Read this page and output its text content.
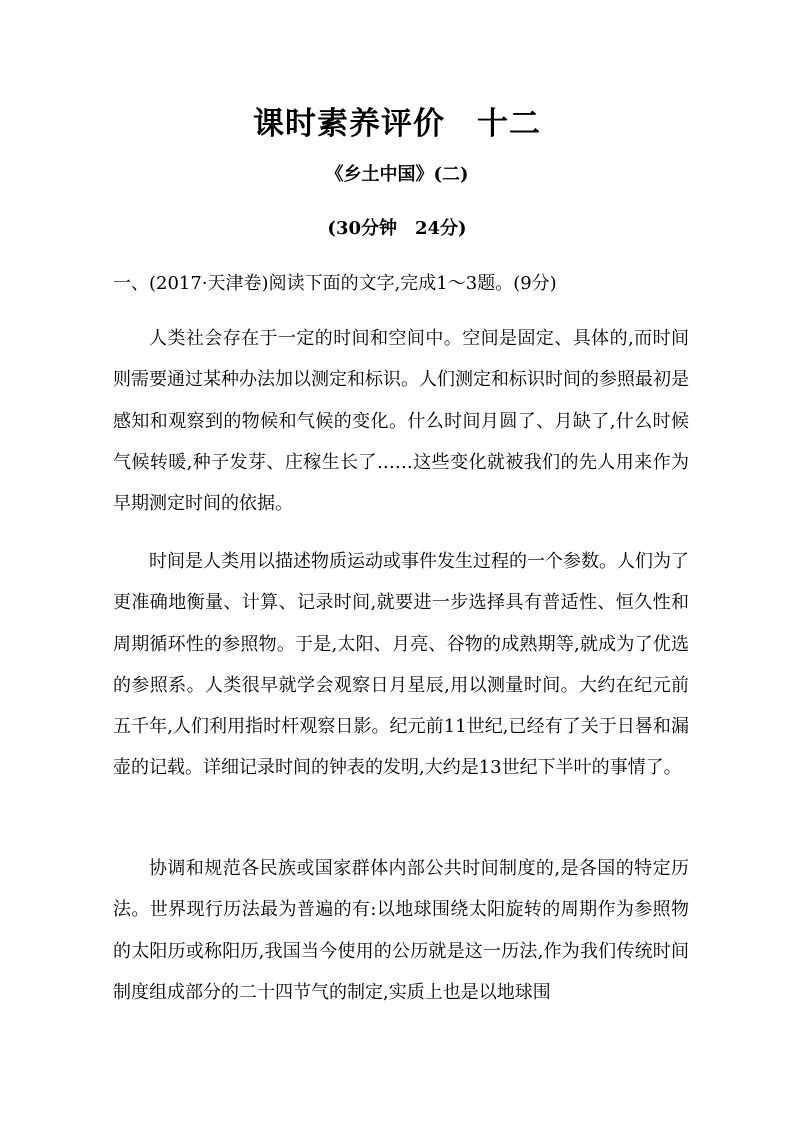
课时素养评价　十二
《乡土中国》(二)
(30分钟　24分)
一、(2017·天津卷)阅读下面的文字,完成1～3题。(9分)

人类社会存在于一定的时间和空间中。空间是固定、具体的,而时间则需要通过某种办法加以测定和标识。人们测定和标识时间的参照最初是感知和观察到的物候和气候的变化。什么时间月圆了、月缺了,什么时候气候转暖,种子发芽、庄稼生长了……这些变化就被我们的先人用来作为早期测定时间的依据。

时间是人类用以描述物质运动或事件发生过程的一个参数。人们为了更准确地衡量、计算、记录时间,就要进一步选择具有普适性、恒久性和周期循环性的参照物。于是,太阳、月亮、谷物的成熟期等,就成为了优选的参照系。人类很早就学会观察日月星辰,用以测量时间。大约在纪元前五千年,人们利用指时杆观察日影。纪元前11世纪,已经有了关于日晷和漏壶的记载。详细记录时间的钟表的发明,大约是13世纪下半叶的事情了。

协调和规范各民族或国家群体内部公共时间制度的,是各国的特定历法。世界现行历法最为普遍的有:以地球围绕太阳旋转的周期作为参照物的太阳历或称阳历,我国当今使用的公历就是这一历法,作为我们传统时间制度组成部分的二十四节气的制定,实质上也是以地球围
